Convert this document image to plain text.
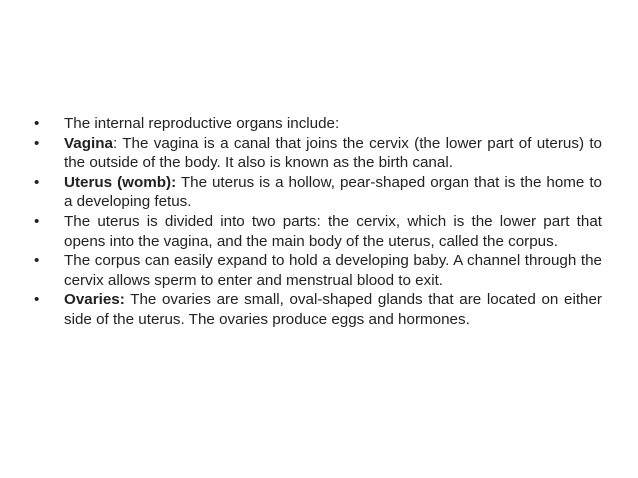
•	The internal reproductive organs include:
•	Vagina: The vagina is a canal that joins the cervix (the lower part of uterus) to the outside of the body. It also is known as the birth canal.
•	Uterus (womb): The uterus is a hollow, pear-shaped organ that is the home to a developing fetus.
•	The uterus is divided into two parts: the cervix, which is the lower part that opens into the vagina, and the main body of the uterus, called the corpus.
•	The corpus can easily expand to hold a developing baby. A channel through the cervix allows sperm to enter and menstrual blood to exit.
•	Ovaries: The ovaries are small, oval-shaped glands that are located on either side of the uterus. The ovaries produce eggs and hormones.
